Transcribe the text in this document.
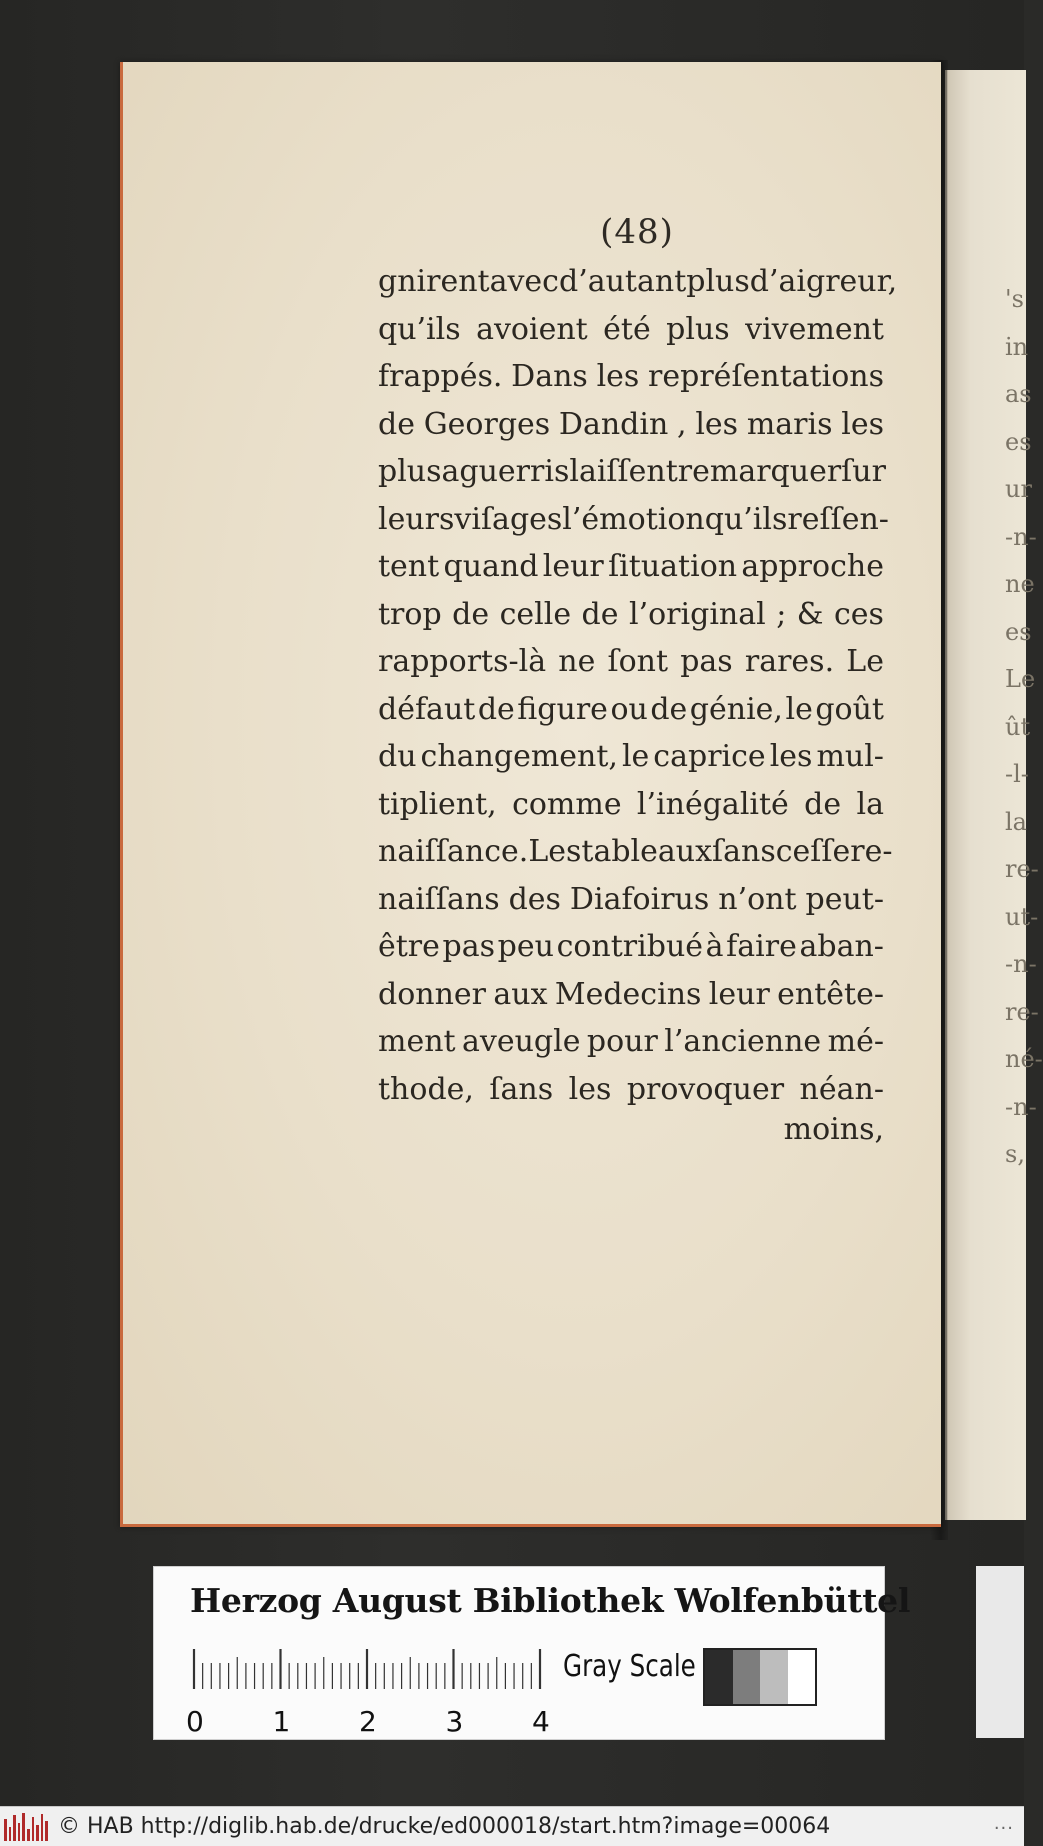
's
in
as
es
ur
-n-
ne
es
Le
ût
-l-
la
re-
ut-
-n-
re-
né-
-n-
s,
(48)
gnirent avec d’autant plus d’aigreur,
qu’ils avoient été plus vivement
frappés. Dans les repréſentations
de Georges Dandin , les maris les
plus aguerris laiſſent remarquer ſur
leurs viſages l’émotion qu’ils reſſen-
tent quand leur ſituation approche
trop de celle de l’original ; & ces
rapports-là ne ſont pas rares. Le
défaut de figure ou de génie, le goût
du changement, le caprice les mul-
tiplient, comme l’inégalité de la
naiſſance. Les tableaux ſans ceſſe re-
naiſſans des Diafoirus n’ont peut-
être pas peu contribué à faire aban-
donner aux Medecins leur entête-
ment aveugle pour l’ancienne mé-
thode, ſans les provoquer néan-
moins,
Herzog August Bibliothek Wolfenbüttel
0 1 2 3 4
Gray Scale
© HAB http://diglib.hab.de/drucke/ed000018/start.htm?image=00064	...
